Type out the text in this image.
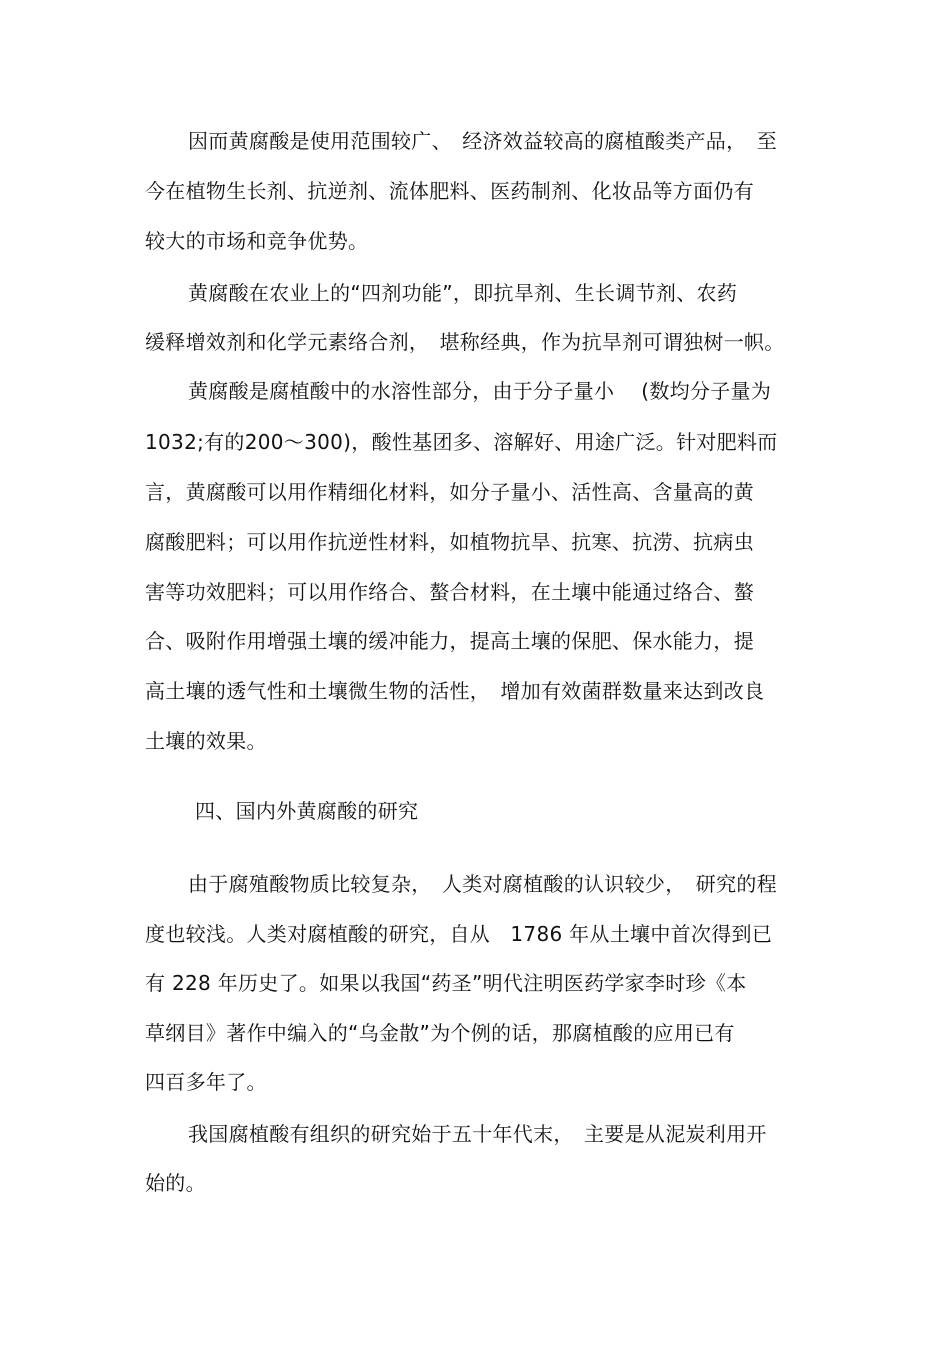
因而黄腐酸是使用范围较广、　经济效益较高的腐植酸类产品，　至
今在植物生长剂、抗逆剂、流体肥料、医药制剂、化妆品等方面仍有
较大的市场和竞争优势。
黄腐酸在农业上的“四剂功能”，即抗旱剂、生长调节剂、农药
缓释增效剂和化学元素络合剂，　堪称经典，作为抗旱剂可谓独树一帜。
黄腐酸是腐植酸中的水溶性部分，由于分子量小　 (数均分子量为
1032;有的200～300)，酸性基团多、溶解好、用途广泛。针对肥料而
言，黄腐酸可以用作精细化材料，如分子量小、活性高、含量高的黄
腐酸肥料；可以用作抗逆性材料，如植物抗旱、抗寒、抗涝、抗病虫
害等功效肥料；可以用作络合、螯合材料，在土壤中能通过络合、螯
合、吸附作用增强土壤的缓冲能力，提高土壤的保肥、保水能力，提
高土壤的透气性和土壤微生物的活性，　增加有效菌群数量来达到改良
土壤的效果。
四、国内外黄腐酸的研究
由于腐殖酸物质比较复杂，　人类对腐植酸的认识较少，　研究的程
度也较浅。人类对腐植酸的研究，自从　1786 年从土壤中首次得到已
有 228 年历史了。如果以我国“药圣”明代注明医药学家李时珍《本
草纲目》著作中编入的“乌金散”为个例的话，那腐植酸的应用已有
四百多年了。
我国腐植酸有组织的研究始于五十年代末，　主要是从泥炭利用开
始的。
